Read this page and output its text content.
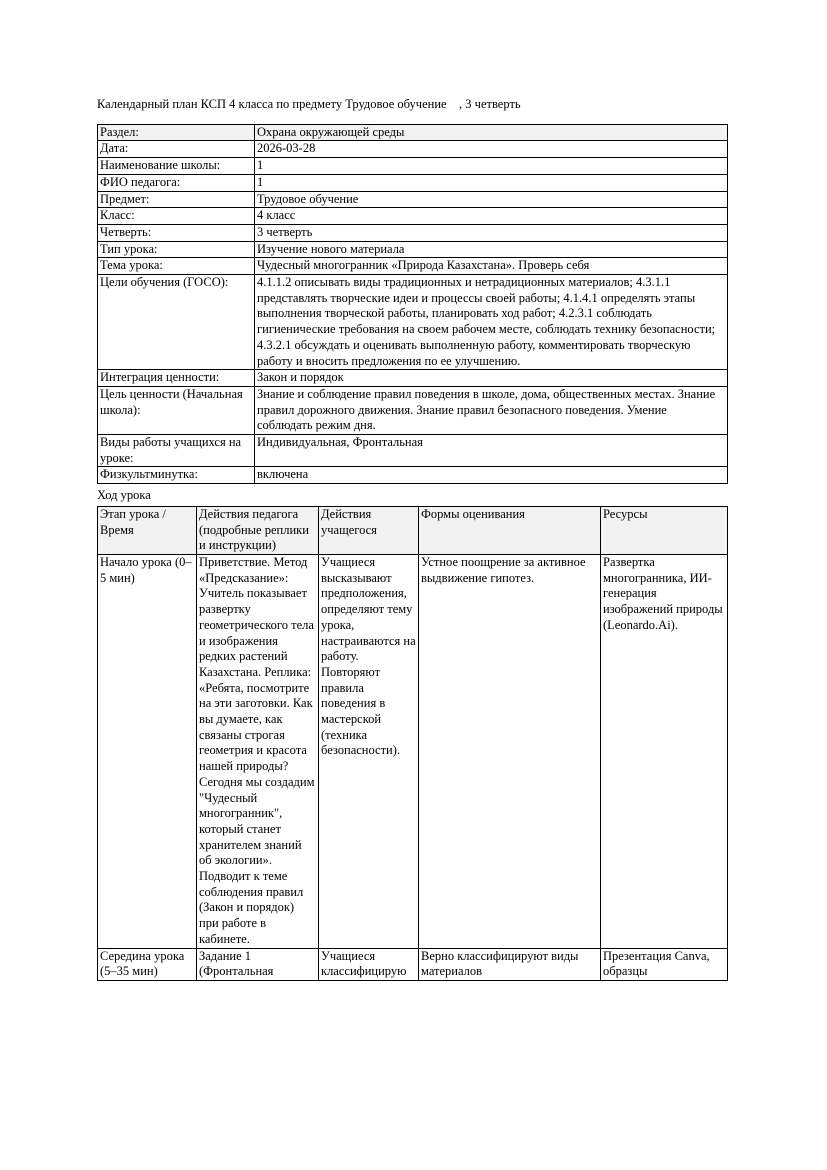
Календарный план КСП 4 класса по предмету Трудовое обучение    , 3 четверть

Раздел:	Охрана окружающей среды
Дата:	2026-03-28
Наименование школы:	1
ФИО педагога:	1
Предмет:	Трудовое обучение
Класс:	4 класс
Четверть:	3 четверть
Тип урока:	Изучение нового материала
Тема урока:	Чудесный многогранник «Природа Казахстана». Проверь себя
Цели обучения (ГОСО):	4.1.1.2 описывать виды традиционных и нетрадиционных материалов; 4.3.1.1 представлять творческие идеи и процессы своей работы; 4.1.4.1 определять этапы выполнения творческой работы, планировать ход работ; 4.2.3.1 соблюдать гигиенические требования на своем рабочем месте, соблюдать технику безопасности; 4.3.2.1 обсуждать и оценивать выполненную работу, комментировать творческую работу и вносить предложения по ее улучшению.
Интеграция ценности:	Закон и порядок
Цель ценности (Начальная школа):	Знание и соблюдение правил поведения в школе, дома, общественных местах. Знание правил дорожного движения. Знание правил безопасного поведения. Умение соблюдать режим дня.
Виды работы учащихся на уроке:	Индивидуальная, Фронтальная
Физкультминутка:	включена

Ход урока

Этап урока / Время	Действия педагога (подробные реплики и инструкции)	Действия учащегося	Формы оценивания	Ресурсы
Начало урока (0–5 мин)	Приветствие. Метод «Предсказание»: Учитель показывает развертку геометрического тела и изображения редких растений Казахстана. Реплика: «Ребята, посмотрите на эти заготовки. Как вы думаете, как связаны строгая геометрия и красота нашей природы? Сегодня мы создадим "Чудесный многогранник", который станет хранителем знаний об экологии». Подводит к теме соблюдения правил (Закон и порядок) при работе в кабинете.	Учащиеся высказывают предположения, определяют тему урока, настраиваются на работу. Повторяют правила поведения в мастерской (техника безопасности).	Устное поощрение за активное выдвижение гипотез.	Развертка многогранника, ИИ-генерация изображений природы (Leonardo.Ai).

Середина урока (5–35 мин)	Задание 1 (Фронтальная	Учащиеся классифицирую	Верно классифицируют виды материалов	Презентация Canva, образцы
